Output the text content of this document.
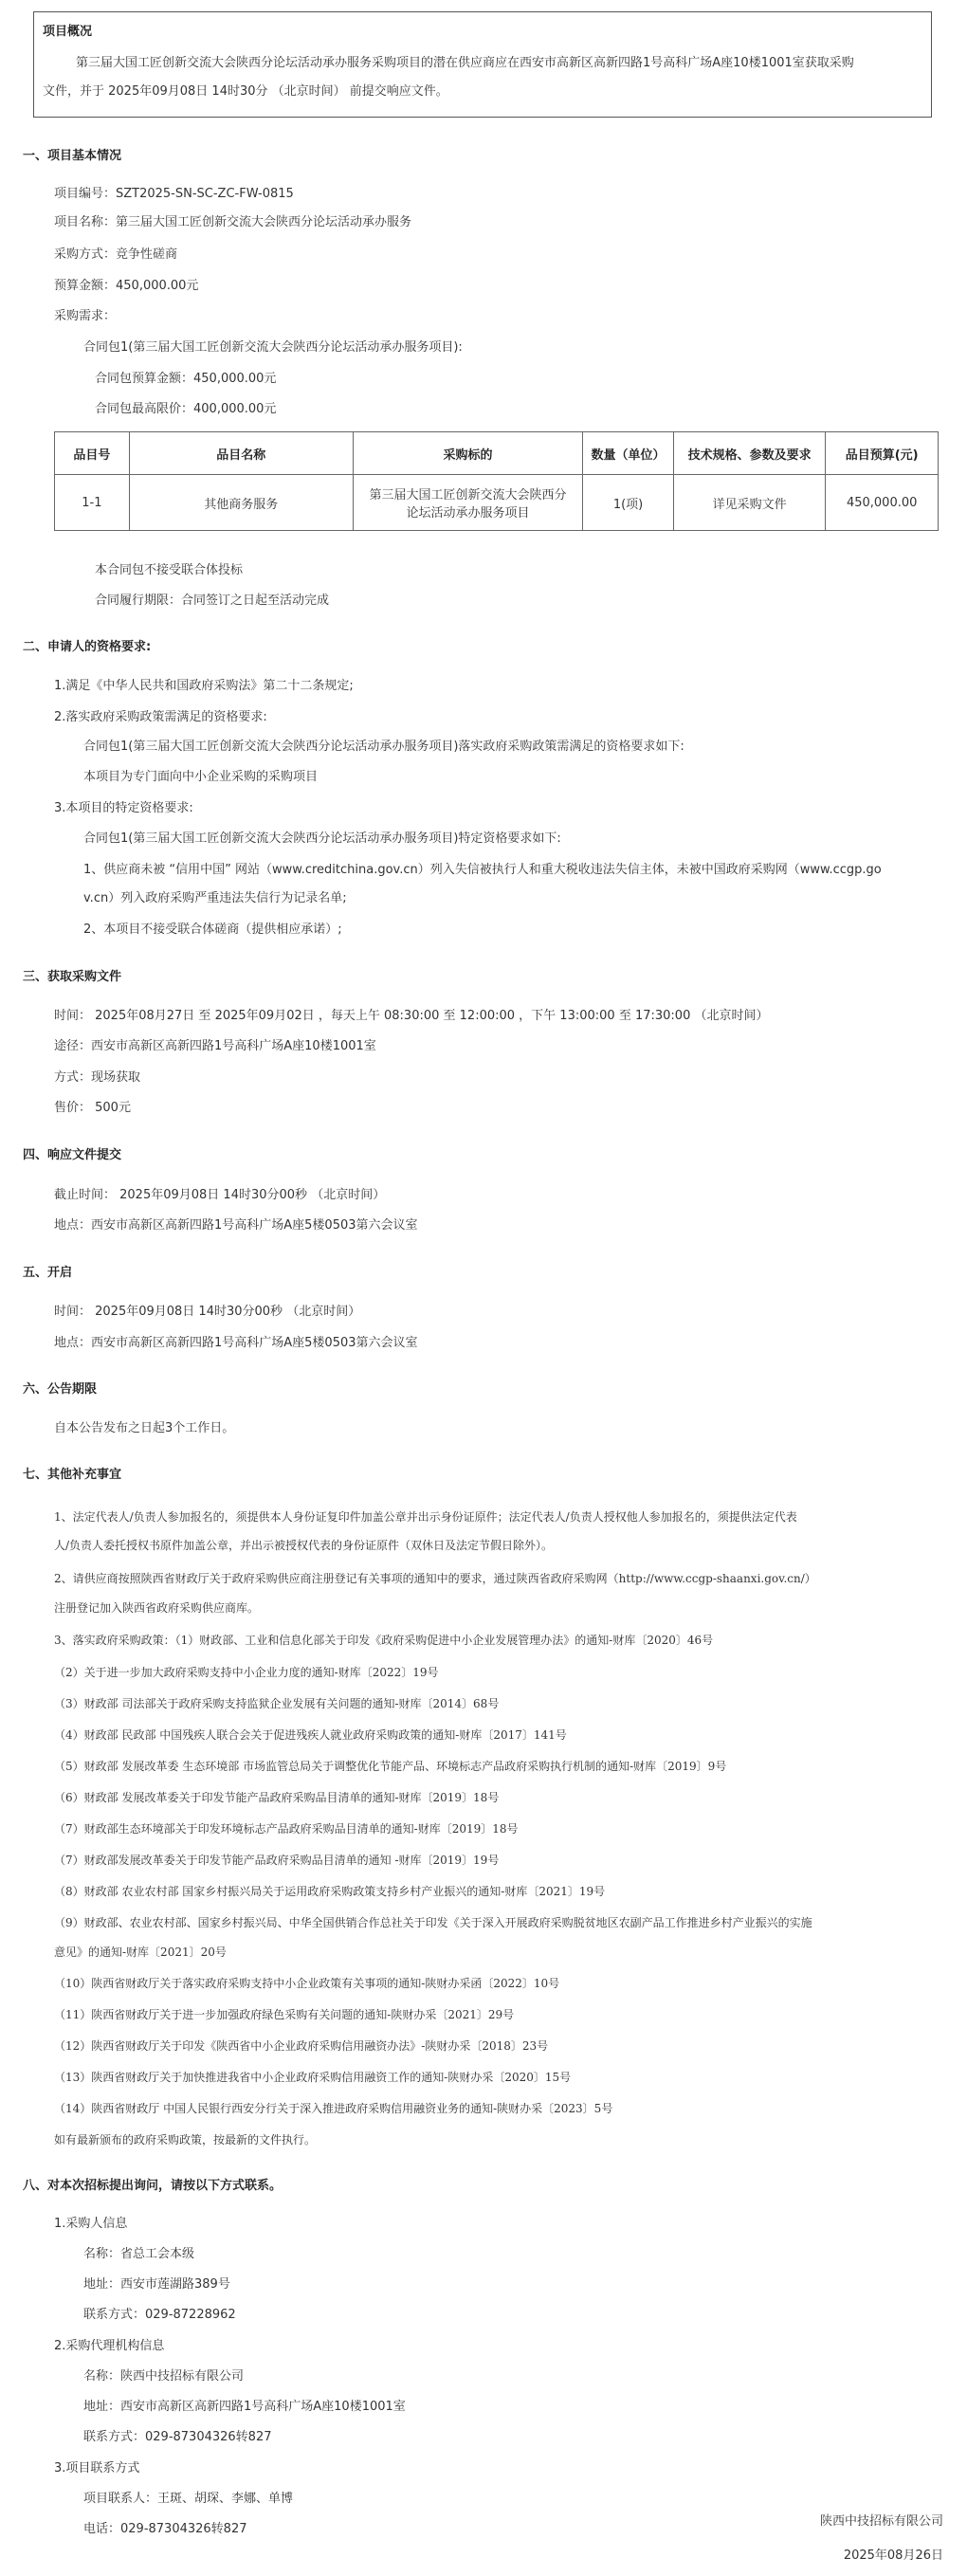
项目概况
第三届大国工匠创新交流大会陕西分论坛活动承办服务采购项目的潜在供应商应在西安市高新区高新四路1号高科广场A座10楼1001室获取采购
文件，并于 2025年09月08日 14时30分 （北京时间） 前提交响应文件。
一、项目基本情况
项目编号：SZT2025-SN-SC-ZC-FW-0815
项目名称：第三届大国工匠创新交流大会陕西分论坛活动承办服务
采购方式：竞争性磋商
预算金额：450,000.00元
采购需求：
合同包1(第三届大国工匠创新交流大会陕西分论坛活动承办服务项目):
合同包预算金额：450,000.00元
合同包最高限价：400,000.00元
品目号	品目名称	采购标的	数量（单位）	技术规格、参数及要求	品目预算(元)
1-1	其他商务服务	第三届大国工匠创新交流大会陕西分
论坛活动承办服务项目	1(项)	详见采购文件	450,000.00
本合同包不接受联合体投标
合同履行期限：合同签订之日起至活动完成
二、申请人的资格要求:
1.满足《中华人民共和国政府采购法》第二十二条规定;
2.落实政府采购政策需满足的资格要求:
合同包1(第三届大国工匠创新交流大会陕西分论坛活动承办服务项目)落实政府采购政策需满足的资格要求如下:
本项目为专门面向中小企业采购的采购项目
3.本项目的特定资格要求:
合同包1(第三届大国工匠创新交流大会陕西分论坛活动承办服务项目)特定资格要求如下:
1、供应商未被 “信用中国” 网站（www.creditchina.gov.cn）列入失信被执行人和重大税收违法失信主体，未被中国政府采购网（www.ccgp.go
v.cn）列入政府采购严重违法失信行为记录名单;
2、本项目不接受联合体磋商（提供相应承诺）;
三、获取采购文件
时间： 2025年08月27日 至 2025年09月02日 ，每天上午 08:30:00 至 12:00:00 ，下午 13:00:00 至 17:30:00 （北京时间）
途径：西安市高新区高新四路1号高科广场A座10楼1001室
方式：现场获取
售价： 500元
四、响应文件提交
截止时间： 2025年09月08日 14时30分00秒 （北京时间）
地点：西安市高新区高新四路1号高科广场A座5楼0503第六会议室
五、开启
时间： 2025年09月08日 14时30分00秒 （北京时间）
地点：西安市高新区高新四路1号高科广场A座5楼0503第六会议室
六、公告期限
自本公告发布之日起3个工作日。
七、其他补充事宜
1、法定代表人/负责人参加报名的，须提供本人身份证复印件加盖公章并出示身份证原件；法定代表人/负责人授权他人参加报名的，须提供法定代表
人/负责人委托授权书原件加盖公章，并出示被授权代表的身份证原件（双休日及法定节假日除外）。
2、请供应商按照陕西省财政厅关于政府采购供应商注册登记有关事项的通知中的要求，通过陕西省政府采购网（http://www.ccgp-shaanxi.gov.cn/）
注册登记加入陕西省政府采购供应商库。
3、落实政府采购政策：（1）财政部、工业和信息化部关于印发《政府采购促进中小企业发展管理办法》的通知-财库〔2020〕46号
（2）关于进一步加大政府采购支持中小企业力度的通知-财库〔2022〕19号
（3）财政部 司法部关于政府采购支持监狱企业发展有关问题的通知-财库〔2014〕68号
（4）财政部 民政部 中国残疾人联合会关于促进残疾人就业政府采购政策的通知-财库〔2017〕141号
（5）财政部 发展改革委 生态环境部 市场监管总局关于调整优化节能产品、环境标志产品政府采购执行机制的通知-财库〔2019〕9号
（6）财政部 发展改革委关于印发节能产品政府采购品目清单的通知-财库〔2019〕18号
（7）财政部生态环境部关于印发环境标志产品政府采购品目清单的通知-财库〔2019〕18号
（7）财政部发展改革委关于印发节能产品政府采购品目清单的通知 -财库〔2019〕19号
（8）财政部 农业农村部 国家乡村振兴局关于运用政府采购政策支持乡村产业振兴的通知-财库〔2021〕19号
（9）财政部、农业农村部、国家乡村振兴局、中华全国供销合作总社关于印发《关于深入开展政府采购脱贫地区农副产品工作推进乡村产业振兴的实施
意见》的通知-财库〔2021〕20号
（10）陕西省财政厅关于落实政府采购支持中小企业政策有关事项的通知-陕财办采函〔2022〕10号
（11）陕西省财政厅关于进一步加强政府绿色采购有关问题的通知-陕财办采〔2021〕29号
（12）陕西省财政厅关于印发《陕西省中小企业政府采购信用融资办法》-陕财办采〔2018〕23号
（13）陕西省财政厅关于加快推进我省中小企业政府采购信用融资工作的通知-陕财办采〔2020〕15号
（14）陕西省财政厅 中国人民银行西安分行关于深入推进政府采购信用融资业务的通知-陕财办采〔2023〕5号
如有最新颁布的政府采购政策，按最新的文件执行。
八、对本次招标提出询问，请按以下方式联系。
1.采购人信息
名称：省总工会本级
地址：西安市莲湖路389号
联系方式：029-87228962
2.采购代理机构信息
名称：陕西中技招标有限公司
地址：西安市高新区高新四路1号高科广场A座10楼1001室
联系方式：029-87304326转827
3.项目联系方式
项目联系人：王斑、胡琛、李娜、单博
电话：029-87304326转827
陕西中技招标有限公司
2025年08月26日
